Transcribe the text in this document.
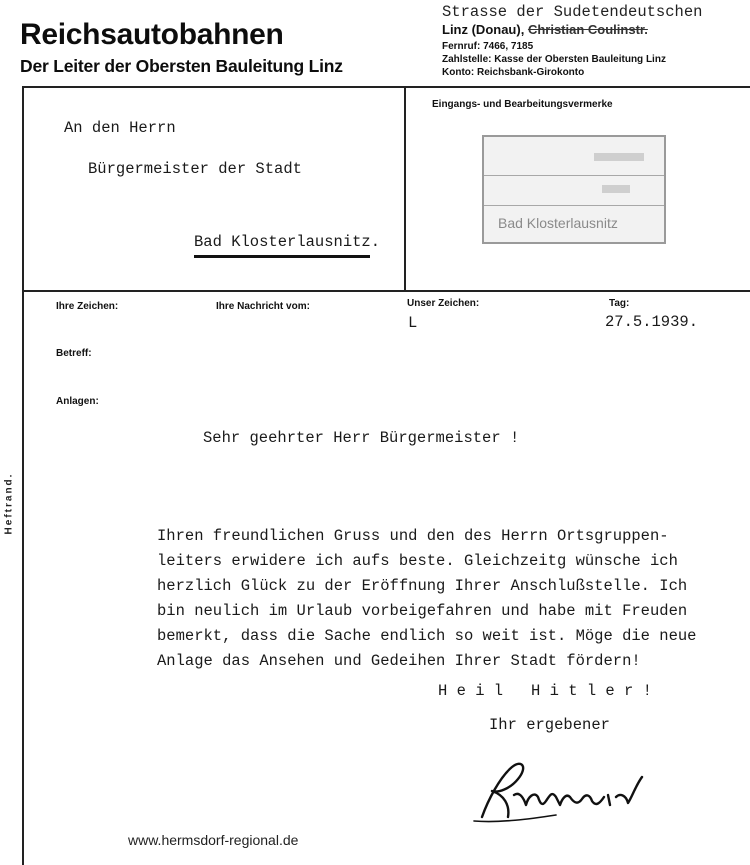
Reichsautobahnen
Der Leiter der Obersten Bauleitung Linz
Strasse der Sudetendeutschen
Linz (Donau), Christian Coulinstr.
Fernruf: 7466, 7185
Zahlstelle: Kasse der Obersten Bauleitung Linz
Konto: Reichsbank-Girokonto
An den Herrn
Bürgermeister der Stadt
Bad Klosterlausnitz.
Eingangs- und Bearbeitungsvermerke
Bad Klosterlausnitz
Ihre Zeichen:	Ihre Nachricht vom:	Unser Zeichen:
L
Tag:
27.5.1939.
Betreff:
Anlagen:
Sehr geehrter Herr Bürgermeister !
Ihren freundlichen Gruss und den des Herrn Ortsgruppen-
leiters erwidere ich aufs beste. Gleichzeitg wünsche ich
herzlich Glück zu der Eröffnung Ihrer Anschlußstelle. Ich
bin neulich im Urlaub vorbeigefahren und habe mit Freuden
bemerkt, dass die Sache endlich so weit ist. Möge die neue
Anlage das Ansehen und Gedeihen Ihrer Stadt fördern!
H e i l   H i t l e r !
Ihr ergebener
Heftrand.
www.hermsdorf-regional.de
